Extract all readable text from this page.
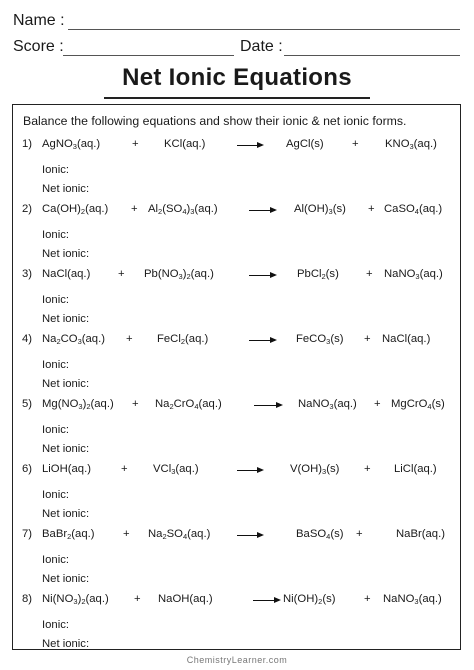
Name :
Score :	Date :
Net Ionic Equations
Balance the following equations and show their ionic & net ionic forms.
1) AgNO$_3$(aq.)	+ KCl(aq.)	AgCl(s)	+ $KNO_3(aq.)$
Ionic:
Net ionic:
2) $Ca(OH)_2(aq.) + Al_2(SO_4)_3(aq.)$	$Al(OH)_3(s)$ + CaSO$_4$(aq.)
Ionic:
Net ionic:
3) NaCl(aq.) + $Pb(NO_3)_2(aq.)$	PbCl$_2$(s) + NaNO$_3$(aq.)
Ionic:
Net ionic:
4) $Na_2CO_3(aq.)$ + FeCl$_2$(aq.)	FeCO$_3$(s) + NaCl(aq.)
Ionic:
Net ionic:
5) $Mg(NO_3)_2(aq.) + Na_2CrO_4(aq.)$	NaNO$_3$(aq.) + MgCrO$_4$(s)
Ionic:
Net ionic:
6) LiOH(aq.)	+ VCl$_3$(aq.)	$V(OH)_3(s)$ + LiCl(aq.)
Ionic:
Net ionic:
7) BaBr$_2$(aq.)	+ $Na_2SO_4(aq.)$	BaSO$_4$(s) +	NaBr(aq.)
Ionic:
Net ionic:
8) $Ni(NO_3)_2(aq.)$ + NaOH(aq.)	→ $Ni(OH)_2(s)$	+ NaNO$_3$(aq.)
Ionic:
Net ionic:
ChemistryLearner.com
